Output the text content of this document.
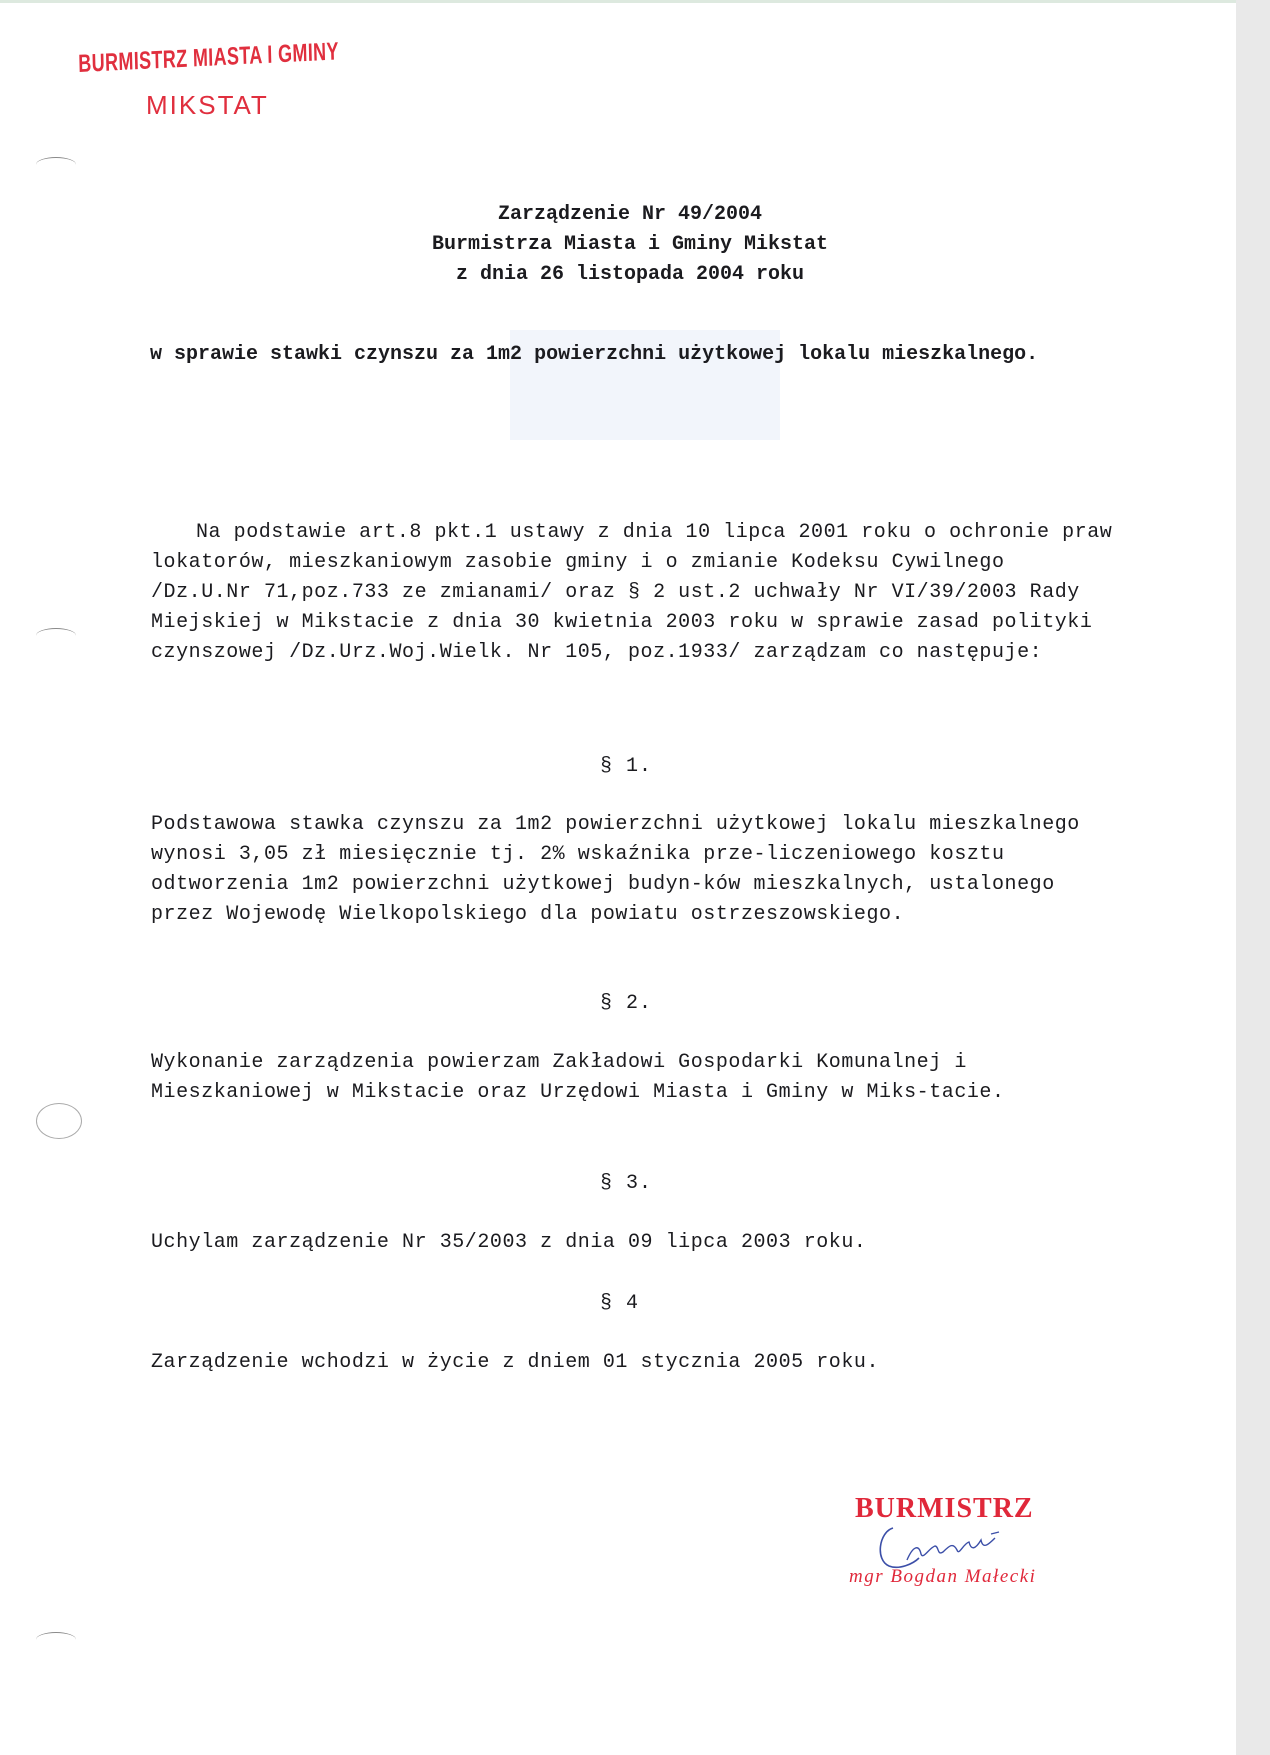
BURMISTRZ MIASTA I GMINY
MIKSTAT
Zarządzenie Nr 49/2004
Burmistrza Miasta i Gminy Mikstat
z dnia 26 listopada 2004 roku
w sprawie stawki czynszu za 1m2 powierzchni użytkowej lokalu mieszkalnego.

Na podstawie art.8 pkt.1 ustawy z dnia 10 lipca 2001 roku o ochronie praw lokatorów, mieszkaniowym zasobie gminy i o zmianie Kodeksu Cywilnego /Dz.U.Nr 71,poz.733 ze zmianami/ oraz § 2 ust.2 uchwały Nr VI/39/2003 Rady Miejskiej w Mikstacie z dnia 30 kwietnia 2003 roku w sprawie zasad polityki czynszowej /Dz.Urz.Woj.Wielk. Nr 105, poz.1933/ zarządzam co następuje:

§ 1.

Podstawowa stawka czynszu za 1m2 powierzchni użytkowej lokalu mieszkalnego wynosi 3,05 zł miesięcznie tj. 2% wskaźnika prze-liczeniowego kosztu odtworzenia 1m2 powierzchni użytkowej budyn-ków mieszkalnych, ustalonego przez Wojewodę Wielkopolskiego dla powiatu ostrzeszowskiego.

§ 2.

Wykonanie zarządzenia powierzam Zakładowi Gospodarki Komunalnej i Mieszkaniowej w Mikstacie oraz Urzędowi Miasta i Gminy w Miks-tacie.

§ 3.

Uchylam zarządzenie Nr 35/2003 z dnia 09 lipca 2003 roku.

§ 4

Zarządzenie wchodzi w życie z dniem 01 stycznia 2005 roku.

BURMISTRZ
mgr Bogdan Małecki
